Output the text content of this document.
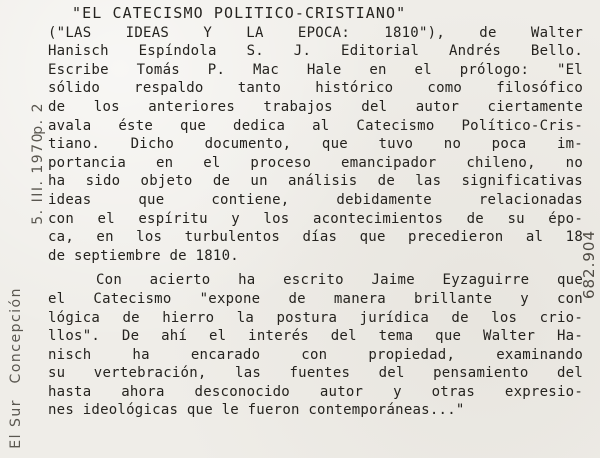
"EL CATECISMO POLITICO-CRISTIANO"
("LAS IDEAS Y LA EPOCA: 1810"), de Walter
Hanisch Espíndola S. J. Editorial Andrés Bello.
Escribe Tomás P. Mac Hale en el prólogo: "El
sólido respaldo tanto histórico como filosófico
de los anteriores trabajos del autor ciertamente
avala éste que dedica al Catecismo Político-Cris-
tiano. Dicho documento, que tuvo no poca im-
portancia en el proceso emancipador chileno, no
ha sido objeto de un análisis de las significativas
ideas que contiene, debidamente relacionadas
con el espíritu y los acontecimientos de su épo-
ca, en los turbulentos días que precedieron al 18
de septiembre de 1810.
Con acierto ha escrito Jaime Eyzaguirre que
el Catecismo "expone de manera brillante y con
lógica de hierro la postura jurídica de los crio-
llos". De ahí el interés del tema que Walter Ha-
nisch ha encarado con propiedad, examinando
su vertebración, las fuentes del pensamiento del
hasta ahora desconocido autor y otras expresio-
nes ideológicas que le fueron contemporáneas..."
El Sur
Concepción
5. III. 1970
p. 2
682.904
